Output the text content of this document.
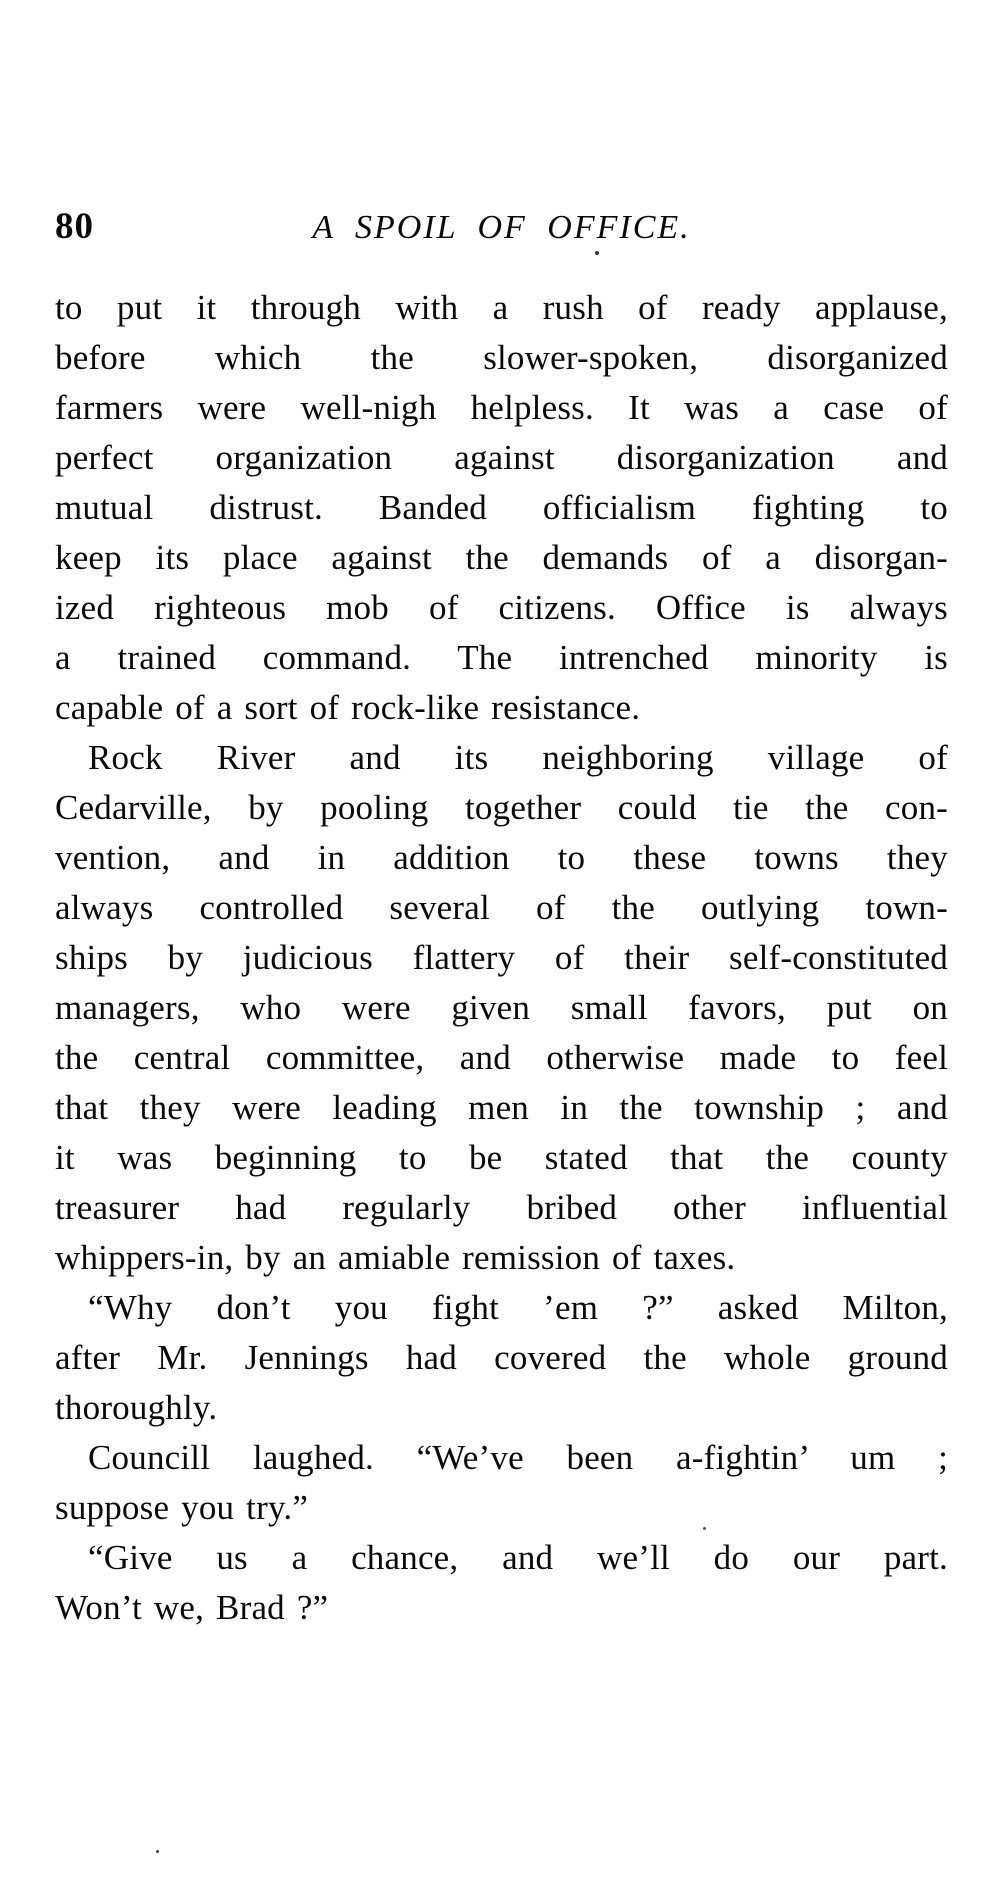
80	A SPOIL OF OFFICE.
to put it through with a rush of ready applause,
before which the slower-spoken, disorganized
farmers were well-nigh helpless. It was a case of
perfect organization against disorganization and
mutual distrust. Banded officialism fighting to
keep its place against the demands of a disorgan-
ized righteous mob of citizens. Office is always
a trained command. The intrenched minority is
capable of a sort of rock-like resistance.
Rock River and its neighboring village of
Cedarville, by pooling together could tie the con-
vention, and in addition to these towns they
always controlled several of the outlying town-
ships by judicious flattery of their self-constituted
managers, who were given small favors, put on
the central committee, and otherwise made to feel
that they were leading men in the township ; and
it was beginning to be stated that the county
treasurer had regularly bribed other influential
whippers-in, by an amiable remission of taxes.
“Why don’t you fight ’em ?” asked Milton,
after Mr. Jennings had covered the whole ground
thoroughly.
Councill laughed. “We’ve been a-fightin’ um ;
suppose you try.”
“Give us a chance, and we’ll do our part.
Won’t we, Brad ?”
